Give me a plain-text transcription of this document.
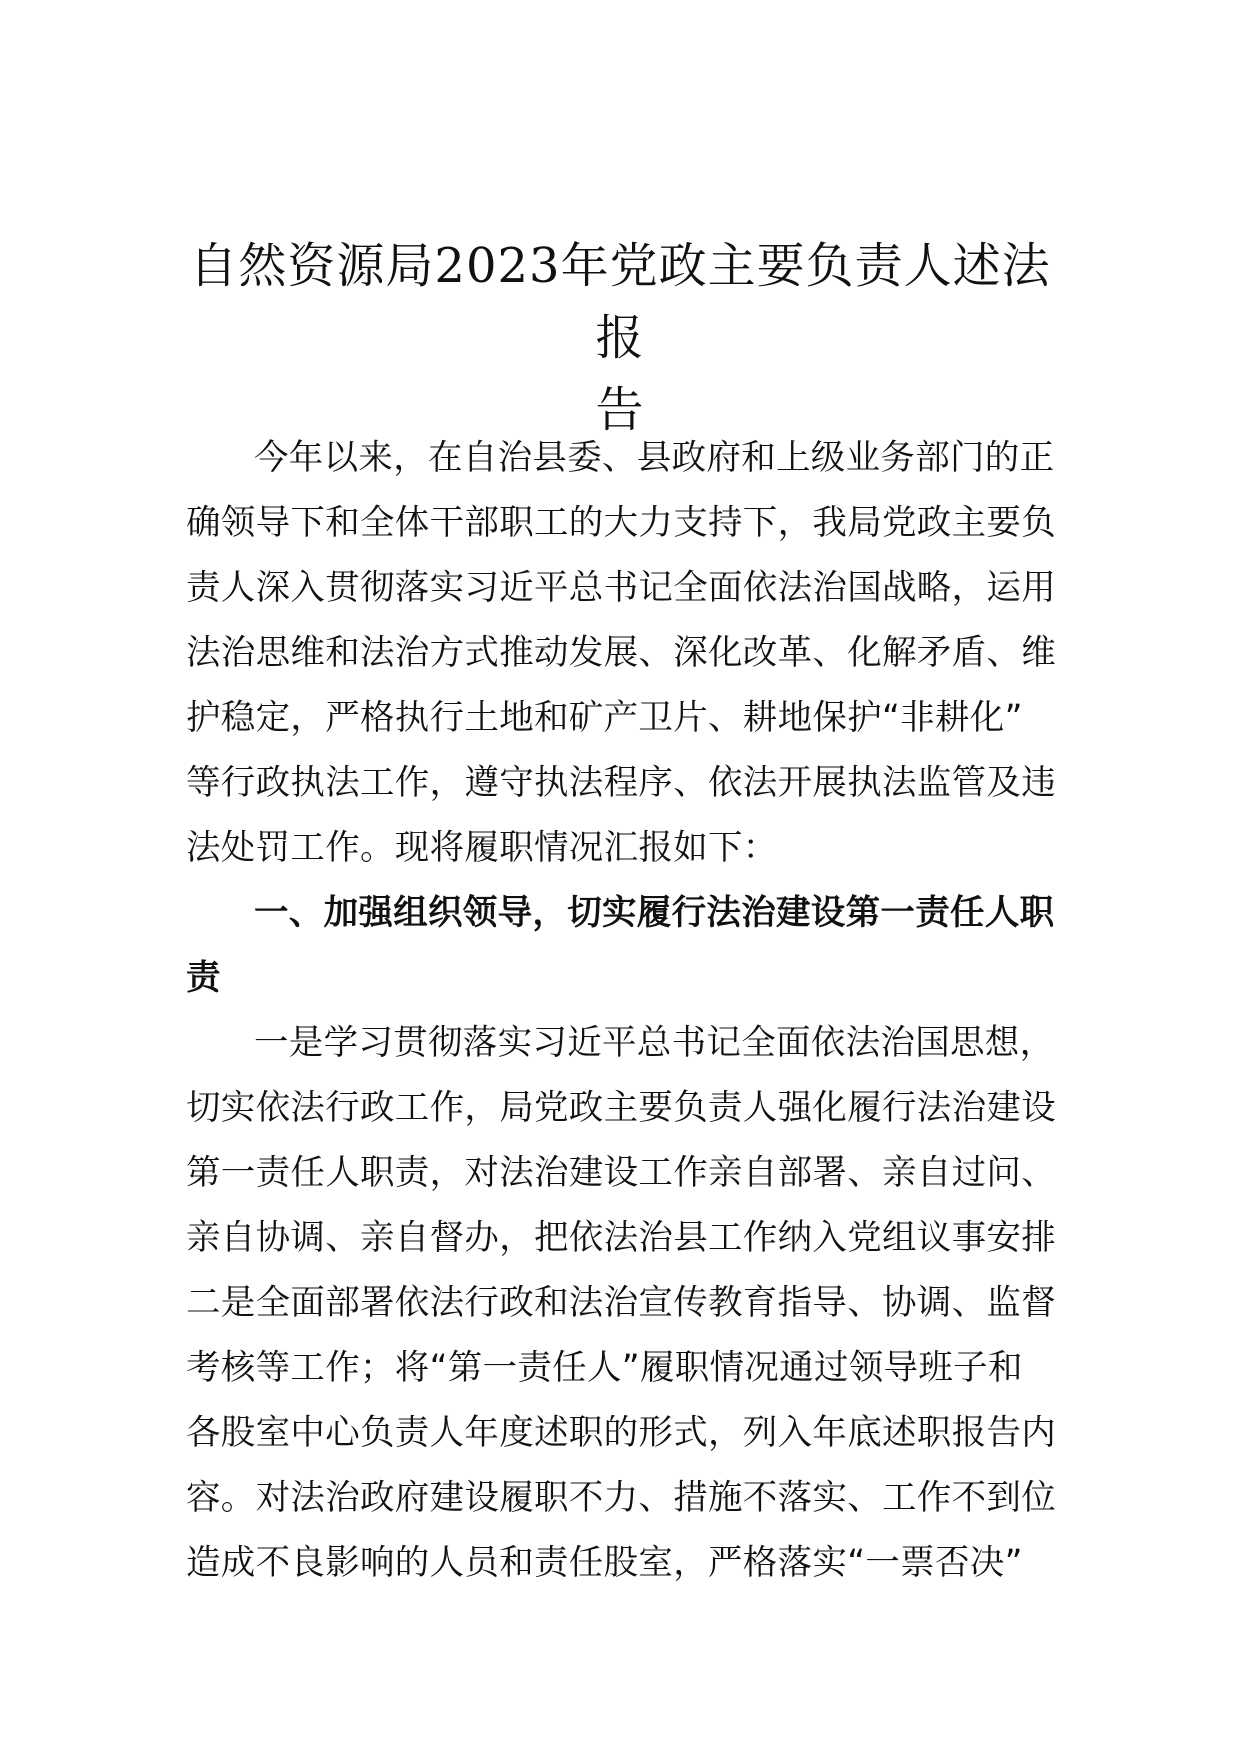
自然资源局2023年党政主要负责人述法报
告
今年以来，在自治县委、县政府和上级业务部门的正
确领导下和全体干部职工的大力支持下，我局党政主要负
责人深入贯彻落实习近平总书记全面依法治国战略，运用
法治思维和法治方式推动发展、深化改革、化解矛盾、维
护稳定，严格执行土地和矿产卫片、耕地保护“非耕化”
等行政执法工作，遵守执法程序、依法开展执法监管及违
法处罚工作。现将履职情况汇报如下：
一、加强组织领导，切实履行法治建设第一责任人职
责
一是学习贯彻落实习近平总书记全面依法治国思想，
切实依法行政工作，局党政主要负责人强化履行法治建设
第一责任人职责，对法治建设工作亲自部署、亲自过问、
亲自协调、亲自督办，把依法治县工作纳入党组议事安排
二是全面部署依法行政和法治宣传教育指导、协调、监督
考核等工作；将“第一责任人”履职情况通过领导班子和
各股室中心负责人年度述职的形式，列入年底述职报告内
容。对法治政府建设履职不力、措施不落实、工作不到位
造成不良影响的人员和责任股室，严格落实“一票否决”
